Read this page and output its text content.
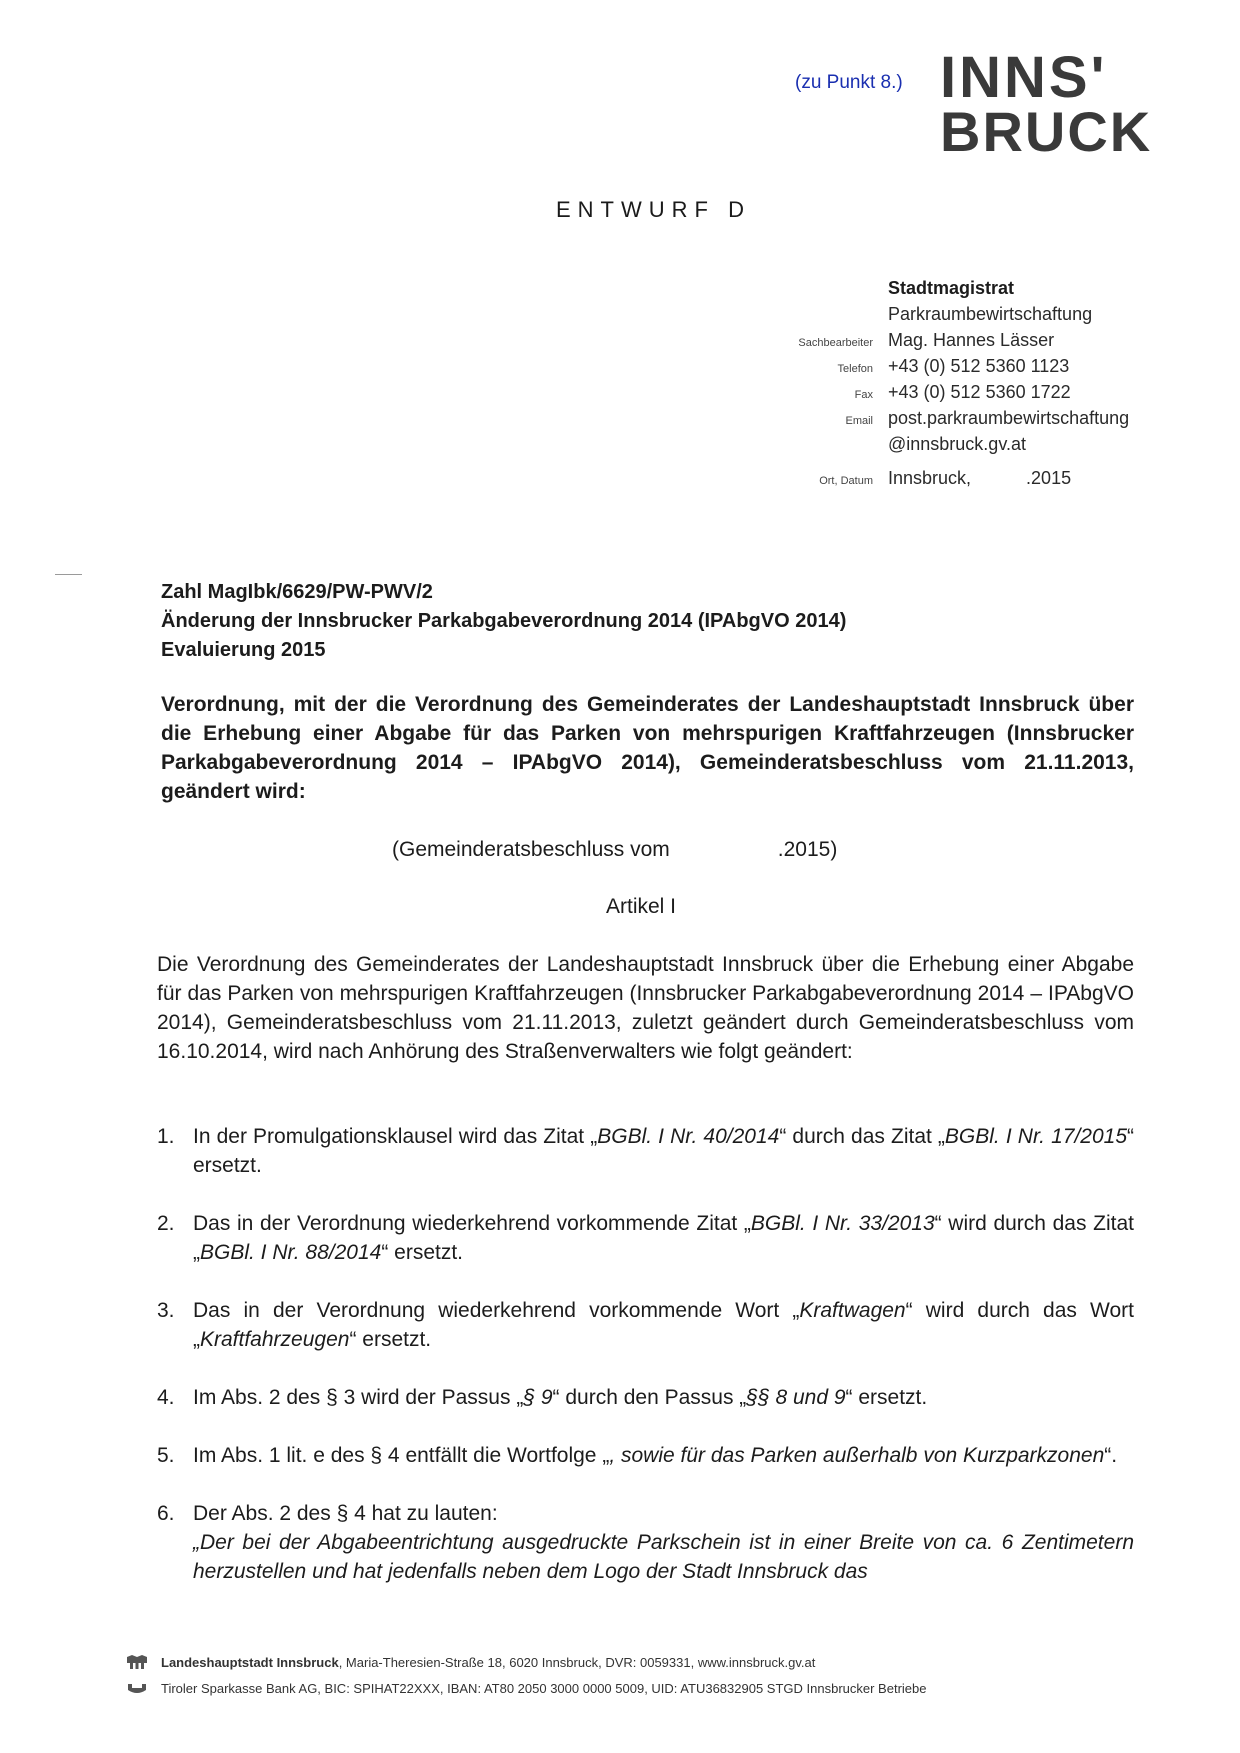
(zu Punkt 8.) INNS'
BRUCK
ENTWURF D
Stadtmagistrat
Parkraumbewirtschaftung
Sachbearbeiter Mag. Hannes Lässer
Telefon +43 (0) 512 5360 1123
Fax +43 (0) 512 5360 1722
Email post.parkraumbewirtschaftung
@innsbruck.gv.at
Ort, Datum Innsbruck,           .2015
Zahl MagIbk/6629/PW-PWV/2
Änderung der Innsbrucker Parkabgabeverordnung 2014 (IPAbgVO 2014)
Evaluierung 2015
Verordnung, mit der die Verordnung des Gemeinderates der Landeshauptstadt Innsbruck über die Erhebung einer Abgabe für das Parken von mehrspurigen Kraftfahrzeugen (Innsbrucker Parkabgabeverordnung 2014 – IPAbgVO 2014), Gemeinderatsbeschluss vom 21.11.2013, geändert wird:
(Gemeinderatsbeschluss vom	.2015)
Artikel I
Die Verordnung des Gemeinderates der Landeshauptstadt Innsbruck über die Erhebung einer Abgabe für das Parken von mehrspurigen Kraftfahrzeugen (Innsbrucker Parkabgabeverordnung 2014 – IPAbgVO 2014), Gemeinderatsbeschluss vom 21.11.2013, zuletzt geändert durch Gemeinderatsbeschluss vom 16.10.2014, wird nach Anhörung des Straßenverwalters wie folgt geändert:
1. In der Promulgationsklausel wird das Zitat „BGBl. I Nr. 40/2014“ durch das Zitat „BGBl. I Nr. 17/2015“ ersetzt.
2. Das in der Verordnung wiederkehrend vorkommende Zitat „BGBl. I Nr. 33/2013“ wird durch das Zitat „BGBl. I Nr. 88/2014“ ersetzt.
3. Das in der Verordnung wiederkehrend vorkommende Wort „Kraftwagen“ wird durch das Wort „Kraftfahrzeugen“ ersetzt.
4. Im Abs. 2 des § 3 wird der Passus „§ 9“ durch den Passus „§§ 8 und 9“ ersetzt.
5. Im Abs. 1 lit. e des § 4 entfällt die Wortfolge „, sowie für das Parken außerhalb von Kurzparkzonen“.
6. Der Abs. 2 des § 4 hat zu lauten:
„Der bei der Abgabeentrichtung ausgedruckte Parkschein ist in einer Breite von ca. 6 Zentimetern herzustellen und hat jedenfalls neben dem Logo der Stadt Innsbruck das
Landeshauptstadt Innsbruck, Maria-Theresien-Straße 18, 6020 Innsbruck, DVR: 0059331, www.innsbruck.gv.at
Tiroler Sparkasse Bank AG, BIC: SPIHAT22XXX, IBAN: AT80 2050 3000 0000 5009, UID: ATU36832905 STGD Innsbrucker Betriebe
